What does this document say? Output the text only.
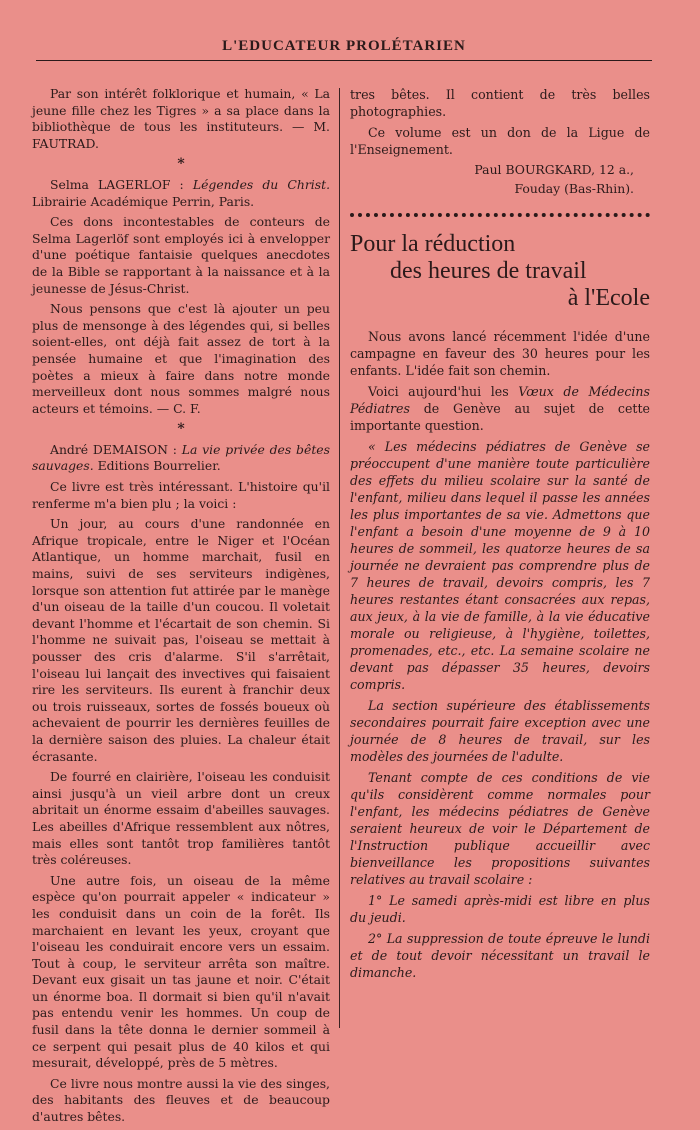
L'EDUCATEUR PROLÉTARIEN

Par son intérêt folklorique et humain, « La jeune fille chez les Tigres » a sa place dans la bibliothèque de tous les instituteurs. — M. FAUTRAD.

*

Selma LAGERLOF : Légendes du Christ. Librairie Académique Perrin, Paris.

Ces dons incontestables de conteurs de Selma Lagerlöf sont employés ici à envelopper d'une poétique fantaisie quelques anecdotes de la Bible se rapportant à la naissance et à la jeunesse de Jésus-Christ.

Nous pensons que c'est là ajouter un peu plus de mensonge à des légendes qui, si belles soient-elles, ont déjà fait assez de tort à la pensée humaine et que l'imagination des poètes a mieux à faire dans notre monde merveilleux dont nous sommes malgré nous acteurs et témoins. — C. F.

*

André DEMAISON : La vie privée des bêtes sauvages. Editions Bourrelier.

Ce livre est très intéressant. L'histoire qu'il renferme m'a bien plu ; la voici :

Un jour, au cours d'une randonnée en Afrique tropicale, entre le Niger et l'Océan Atlantique, un homme marchait, fusil en mains, suivi de ses serviteurs indigènes, lorsque son attention fut attirée par le manège d'un oiseau de la taille d'un coucou. Il voletait devant l'homme et l'écartait de son chemin. Si l'homme ne suivait pas, l'oiseau se mettait à pousser des cris d'alarme. S'il s'arrêtait, l'oiseau lui lançait des invectives qui faisaient rire les serviteurs. Ils eurent à franchir deux ou trois ruisseaux, sortes de fossés boueux où achevaient de pourrir les dernières feuilles de la dernière saison des pluies. La chaleur était écrasante.

De fourré en clairière, l'oiseau les conduisit ainsi jusqu'à un vieil arbre dont un creux abritait un énorme essaim d'abeilles sauvages. Les abeilles d'Afrique ressemblent aux nôtres, mais elles sont tantôt trop familières tantôt très coléreuses.

Une autre fois, un oiseau de la même espèce qu'on pourrait appeler « indicateur » les conduisit dans un coin de la forêt. Ils marchaient en levant les yeux, croyant que l'oiseau les conduirait encore vers un essaim. Tout à coup, le serviteur arrêta son maître. Devant eux gisait un tas jaune et noir. C'était un énorme boa. Il dormait si bien qu'il n'avait pas entendu venir les hommes. Un coup de fusil dans la tête donna le dernier sommeil à ce serpent qui pesait plus de 40 kilos et qui mesurait, développé, près de 5 mètres.

Ce livre nous montre aussi la vie des singes, des habitants des fleuves et de beaucoup d'autres bêtes.

tres bêtes. Il contient de très belles photographies.

Ce volume est un don de la Ligue de l'Enseignement.

Paul BOURGKARD, 12 a.,
Fouday (Bas-Rhin).
Pour la réduction
des heures de travail
à l'Ecole

Nous avons lancé récemment l'idée d'une campagne en faveur des 30 heures pour les enfants. L'idée fait son chemin.

Voici aujourd'hui les Vœux de Médecins Pédiatres de Genève au sujet de cette importante question.

« Les médecins pédiatres de Genève se préoccupent d'une manière toute particulière des effets du milieu scolaire sur la santé de l'enfant, milieu dans lequel il passe les années les plus importantes de sa vie. Admettons que l'enfant a besoin d'une moyenne de 9 à 10 heures de sommeil, les quatorze heures de sa journée ne devraient pas comprendre plus de 7 heures de travail, devoirs compris, les 7 heures restantes étant consacrées aux repas, aux jeux, à la vie de famille, à la vie éducative morale ou religieuse, à l'hygiène, toilettes, promenades, etc., etc. La semaine scolaire ne devant pas dépasser 35 heures, devoirs compris.

La section supérieure des établissements secondaires pourrait faire exception avec une journée de 8 heures de travail, sur les modèles des journées de l'adulte.

Tenant compte de ces conditions de vie qu'ils considèrent comme normales pour l'enfant, les médecins pédiatres de Genève seraient heureux de voir le Département de l'Instruction publique accueillir avec bienveillance les propositions suivantes relatives au travail scolaire :

1° Le samedi après-midi est libre en plus du jeudi.

2° La suppression de toute épreuve le lundi et de tout devoir nécessitant un travail le dimanche.
